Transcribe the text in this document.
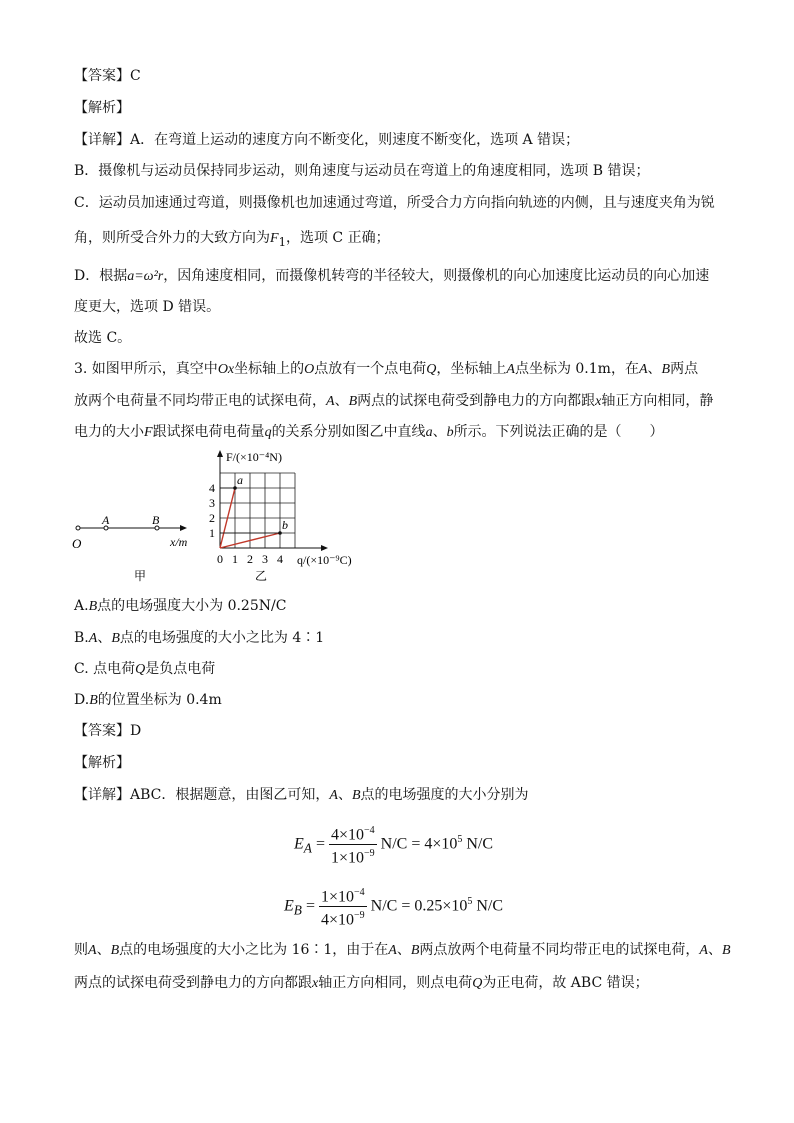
【答案】C
【解析】
【详解】A．在弯道上运动的速度方向不断变化，则速度不断变化，选项 A 错误；
B．摄像机与运动员保持同步运动，则角速度与运动员在弯道上的角速度相同，选项 B 错误；
C．运动员加速通过弯道，则摄像机也加速通过弯道，所受合力方向指向轨迹的内侧，且与速度夹角为锐
角，则所受合外力的大致方向为$F_1$，选项 C 正确；
D．根据a=ω²r，因角速度相同，而摄像机转弯的半径较大，则摄像机的向心加速度比运动员的向心加速
度更大，选项 D 错误。
故选 C。
3. 如图甲所示，真空中Ox坐标轴上的O点放有一个点电荷Q，坐标轴上A点坐标为 0.1m，在A、B两点
放两个电荷量不同均带正电的试探电荷，A、B两点的试探电荷受到静电力的方向都跟x轴正方向相同，静
电力的大小F跟试探电荷电荷量q的关系分别如图乙中直线a、b所示。下列说法正确的是（　　）
O
A	B
x/m
甲
1
2
3
4
0 1 2 3 4
F/(×10⁻⁴N)
q/(×10⁻⁹C)
a
b
乙
A.B点的电场强度大小为 0.25N/C
B.A、B点的电场强度的大小之比为 4∶1
C. 点电荷Q是负点电荷
D.B的位置坐标为 0.4m
【答案】D
【解析】
【详解】ABC．根据题意，由图乙可知，A、B点的电场强度的大小分别为
$E_A = \frac{4\times 10^{-4}}{1\times 10^{-9}} N/C = 4\times 10^5$ N/C
$E_B = \frac{1\times 10^{-4}}{4\times 10^{-9}} N/C = 0.25\times 10^5$ N/C
则A、B点的电场强度的大小之比为 16∶1，由于在A、B两点放两个电荷量不同均带正电的试探电荷，A、B
两点的试探电荷受到静电力的方向都跟x轴正方向相同，则点电荷Q为正电荷，故 ABC 错误；
